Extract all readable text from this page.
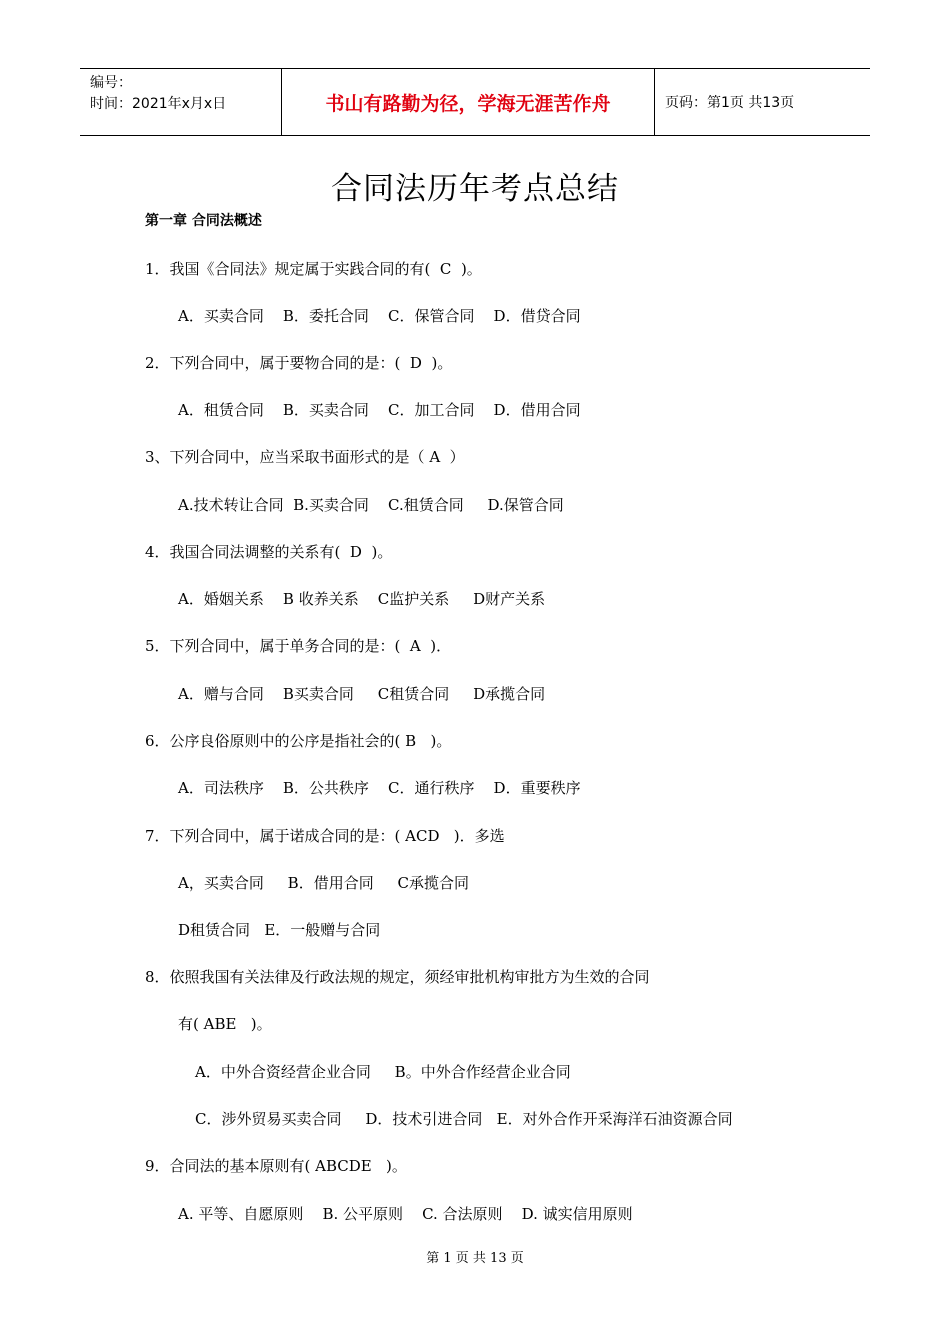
编号：
时间：2021年x月x日	书山有路勤为径，学海无涯苦作舟	页码：第1页 共13页
合同法历年考点总结
第一章 合同法概述
1．我国《合同法》规定属于实践合同的有(  C  )。
A．买卖合同    B．委托合同    C．保管合同    D．借贷合同
2．下列合同中，属于要物合同的是：(  D  )。
A．租赁合同    B．买卖合同    C．加工合同    D．借用合同
3、下列合同中，应当采取书面形式的是（ A  ）
A.技术转让合同  B.买卖合同    C.租赁合同     D.保管合同
4．我国合同法调整的关系有(  D  )。
A．婚姻关系    B 收养关系    C监护关系     D财产关系
5．下列合同中，属于单务合同的是：(  A  )．
A．赠与合同    B买卖合同     C租赁合同     D承揽合同
6．公序良俗原则中的公序是指社会的( B   )。
A．司法秩序    B．公共秩序    C．通行秩序    D．重要秩序
7．下列合同中，属于诺成合同的是：( ACD   )．多选
A，买卖合同     B．借用合同     C承揽合同
D租赁合同   E．一般赠与合同
8．依照我国有关法律及行政法规的规定，须经审批机构审批方为生效的合同
有( ABE   )。
A．中外合资经营企业合同     B。中外合作经营企业合同
C．涉外贸易买卖合同     D．技术引进合同   E．对外合作开采海洋石油资源合同
9．合同法的基本原则有( ABCDE   )。
A. 平等、自愿原则    B. 公平原则    C. 合法原则    D. 诚实信用原则
第 1 页 共 13 页
